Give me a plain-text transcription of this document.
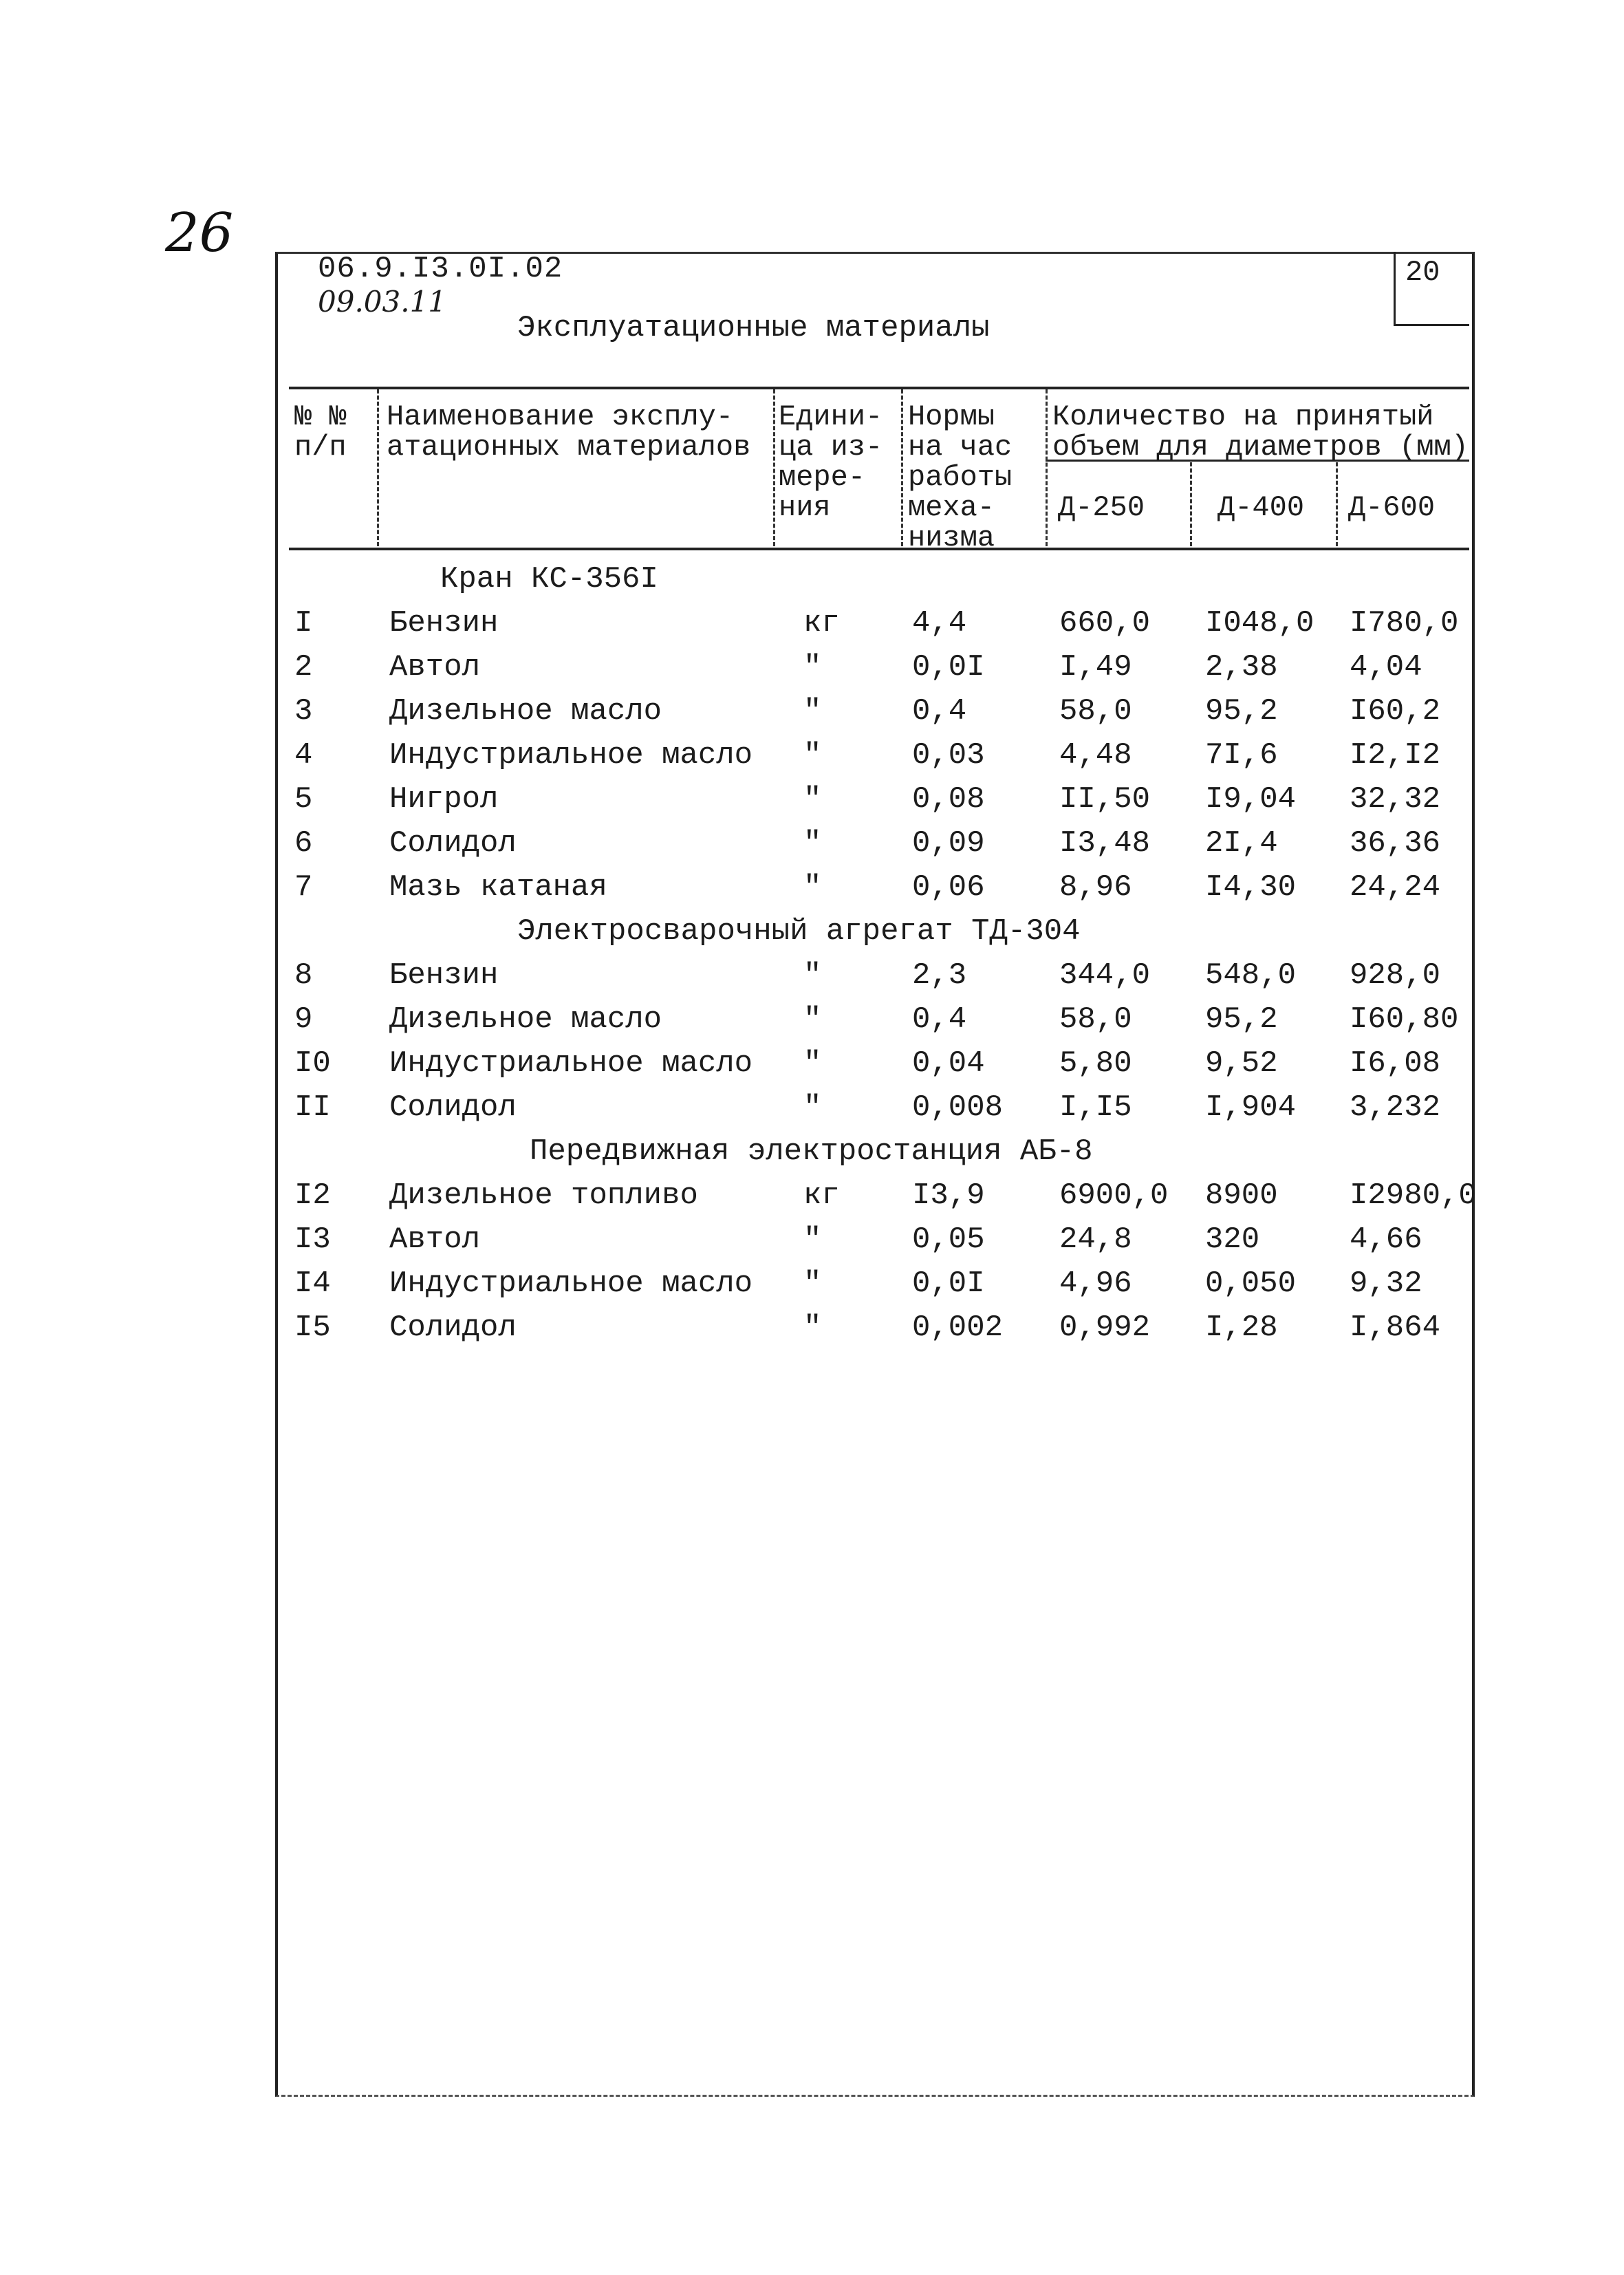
26
06.9.I3.0I.02
09.03.11
20
Эксплуатационные материалы
№ №
п/п
Наименование эксплу-
атационных материалов
Едини-
ца из-
мере-
ния
Нормы
на час
работы
меха-
низма
Количество на принятый
объем для диаметров (мм)
Д-250	Д-400 Д-600
Кран КС-356I
I	Бензин	кг 4,4	660,0 I048,0 I780,0
2	Автол	"	0,0I I,49 2,38 4,04
3	Дизельное масло	"	0,4	58,0 95,2 I60,2
4	Индустриальное масло "	0,03 4,48 7I,6 I2,I2
5	Нигрол	"	0,08 II,50 I9,04 32,32
6	Солидол	"	0,09 I3,48 2I,4 36,36
7	Мазь катаная	"	0,06 8,96 I4,30 24,24
Электросварочный агрегат ТД-304
8	Бензин	"	2,3	344,0 548,0 928,0
9	Дизельное масло	"	0,4	58,0 95,2 I60,80
I0 Индустриальное масло "	0,04 5,80 9,52 I6,08
II Солидол	"	0,008 I,I5 I,904 3,232
Передвижная электростанция АБ-8
I2 Дизельное топливо	кг I3,9 6900,0 8900 I2980,0
I3 Автол	"	0,05 24,8 320	4,66
I4 Индустриальное масло "	0,0I 4,96 0,050 9,32
I5 Солидол	"	0,002 0,992 I,28 I,864
